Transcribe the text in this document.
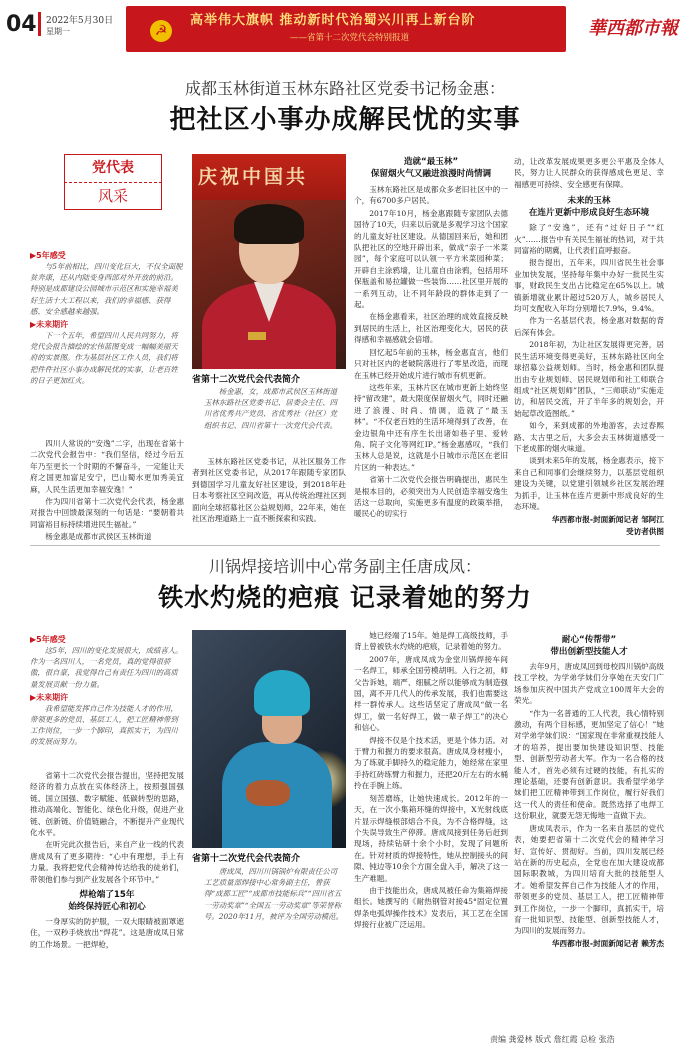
04 2022年5月30日
星期一	☭
高举伟大旗帜 推动新时代治蜀兴川再上新台阶
——省第十二次党代会特别报道	華西都市報
成都玉林街道玉林东路社区党委书记杨金惠：
把社区小事办成解民忧的实事
党代表
风采
▶5年感受
与5年前相比，四川变化巨大，不仅全面脱贫奔康，还从内陆变身西部对外开放的前沿。特别是成都建设公园城市示范区和实施幸福美好生活十大工程以来，我们的幸福感、获得感、安全感越来越强。
▶未来期许
下一个五年，希望四川人民共同努力，将党代会报告描绘的宏伟蓝图变成一幅幅美丽天府的实景图。作为基层社区工作人员，我们将把件件社区小事办成解民忧的实事，让老百姓的日子更加红火。

四川人常说的“安逸”二字，出现在省第十二次党代会报告中：“我们坚信，经过今后五年乃至更长一个时期的不懈奋斗，一定能让天府之国更加富足安宁，巴山蜀水更加秀美宜麻，人民生活更加幸福安逸！”

作为四川省第十二次党代会代表，杨金惠对报告中回馈最深刻的一句话是：“要朝着共同富裕目标持续增进民生福祉。”

杨金惠是成都市武侯区玉林街道

庆祝中国共
省第十二次党代会代表简介
杨金惠，女，成都市武侯区玉林街道玉林东路社区党委书记、居委会主任、四川省优秀共产党员、省优秀社（社区）党组织书记、四川省第十一次党代会代表。

玉林东路社区党委书记，从社区服务工作者到社区党委书记，从2017年跟随专家团队到德国学习儿童友好社区建设，到2018年赴日本考察社区空间改造，再从传统治理社区到面向全球招募社区公益规划师，22年来，她在社区治理道路上一直不断探索和实践。

造就“最玉林”
保留烟火气又融进浪漫时尚情调

玉林东路社区是成都众多老旧社区中的一个，有6700多户居民。

2017年10月，杨金惠跟随专家团队去德国待了10天，归来以后就是多观学习这个国家的儿童友好社区建设。从德国回来后，她和团队把社区的空地开辟出来，做成“亲子一米菜园”，每个家庭可以认领一平方米菜园种菜；开辟自主涂鸦墙，让儿童自由涂鸦，包括用环保瓶盖和易拉罐做一些装饰……社区里开展的一系列互动，让不同年龄段的群体走到了一起。

在杨金惠看来，社区治理的成效直接反映到居民的生活上，社区治理变化大，居民的获得感和幸福感就会倍增。

回忆起5年前的玉林，杨金惠直言，他们只对社区内的老破院落进行了零星改造，而现在玉林已经开始成片进行城市有机更新。

这些年来，玉林片区在城市更新上始终坚持“留改建”，最大限度保留烟火气，同时还融进了浪漫、时尚、情调，造就了“最玉林”。“不仅老百姓的生活环境得到了改善，在金边银角中还有序生长出诸如巷子里、爱转角、院子文化等网红IP。”杨金惠感叹，“我们玉林人总是说，这就是小日城市示范区在老旧片区的一种表达。”

省第十二次党代会报告明确提出，惠民生是根本目的，必须突出为人民创造幸福安逸生活这一总取向，实施更多有温度的政策举措，暖民心的切实行

动，让改革发展成果更多更公平惠及全体人民，努力让人民群众的获得感成色更足、幸福感更可持续、安全感更有保障。
未来的玉林
在连片更新中形成良好生态环境

除了“安逸”，还有“过好日子”“红火”……报告中有关民生福祉的热词，对于共同富裕的期冀，让代表们直呼振奋。

报告提出，五年来，四川省民生社会事业加快发展，坚持每年集中办好一批民生实事，财政民生支出占比稳定在65%以上。城镇新增就业累计超过520万人，城乡居民人均可支配收入年均分别增长7.9%，9.4%。

作为一名基层代表，杨金惠对数据的背后深有体会。

2018年初，为让社区发展得更完善，居民生活环境变得更美好，玉林东路社区向全球招募公益规划师。当时，杨金惠和团队提出由专业规划师、居民规划师和社工师联合组成“社区规划师”团队，“三师联动”实施走访，和居民交流，开了半年多的规划会，开始起草改造图纸。”

如今，来到成都的外地游客，去过春熙路、太古里之后，大多会去玉林街道感受一下老成都的烟火味道。

谈到未来5年的发展，杨金惠表示，接下来自己和同事们会继续努力，以基层党组织建设为关键，以党建引领城乡社区发展治理为抓手，让玉林在连片更新中形成良好的生态环境。

华西都市报-封面新闻记者 邹阿江
受访者供图
川锅焊接培训中心常务副主任唐成凤：
铁水灼烧的疤痕 记录着她的努力
▶5年感受
这5年，四川的变化发展很大，成绩喜人。作为一名四川人，一名党员，真的觉得很骄傲，很自豪，我觉得自己有责任为四川的高质量发展贡献一份力量。
▶未来期许
我希望能发挥自己作为技能人才的作用，带领更多的党员、基层工人，把工匠精神带到工作岗位，一步一个脚印，真抓实干，为四川的发展而努力。

省第十二次党代会报告提出，坚持把发展经济的着力点放在实体经济上，按照强国强链、国立国强、数字赋能、低碳转型的思路，推动高端化、智能化、绿色化升级，促进产业链、创新链、价值链融合，不断提升产业现代化水平。

在听完此次报告后，来自产业一线的代表唐成凤有了更多期待：“心中有理想，手上有力量。我将把党代会精神传达给我的徒弟们，带领他们参与到产业发展各个环节中。”

焊枪端了15年
始终保持匠心和初心

一身厚实的防护服，一双大眼睛被面罩遮住，一双秒手烧放出“焊花”。这是唐成凤日常的工作场景。一把焊枪，

省第十二次党代会代表简介
唐成凤，四川川锅锅炉有限责任公司工艺质量部焊接中心常务副主任，曾获得“成都工匠”“成都市技能标兵”“四川省五一劳动奖章”“全国五一劳动奖章”等荣誉称号。2020年11月，被评为全国劳动模范。

她已经端了15年。她是焊工高级技师，手背上曾被铁水灼烧的疤痕，记录着她的努力。

2007年，唐成凤成为金堂川锅焊接车间一名焊工，师承全国劳模胡明。入行之初，师父告诉她，端严、细腻之所以能够成为制造强国，离不开几代人的传承发展，我们也需要这样一群传承人。这些话坚定了唐成凤“做一名焊工，做一名好焊工，做一辈子焊工”的决心和信心。

焊接不仅是个技术活，更是个体力活。对于臂力和握力的要求很高。唐成凤身材瘦小，为了练就手脚持久的稳定能力，她经常在家里手持红砖练臂力和握力，还把20斤左右的水桶拎在手腕上练。

刻苦磨练，让她快速成长。2012年的一天，在一次小集箱环缝的焊接中，X光射线底片显示焊缝根部熔合不良，为不合格焊缝，这个失误导致生产停滞。唐成凤接到任务后赶到现场，持续钻研十余个小时，发现了问题所在。针对材质的焊接特性，她从控制接头的间隙、钝边等10余个方面全盘入手，解决了这一生产难题。

由于技能出众，唐成凤被任命为集箱焊接组长。她撰写的《耐热钢管对接45°固定位置焊条电弧焊操作技术》发表后，其工艺在全国焊接行业被广泛运用。

耐心“传帮带”
带出创新型技能人才

去年9月，唐成凤回到母校四川锅炉高级技工学校，为学弟学妹们分享她在天安门广场参加庆祝中国共产党成立100周年大会的荣光。

“作为一名普通的工人代表，我心情特别激动，有两个目标感，更加坚定了信心！”她对学弟学妹们说：“国家现在非常重视技能人才的培养，提出要加快建设知识型、技能型、创新型劳动者大军。作为一名合格的技能人才，首先必须有过硬的技能，有扎实的理论基础，还要有创新意识。我希望学弟学妹们把工匠精神带到工作岗位，履行好我们这一代人的责任和使命。既然选择了电焊工这份职业，就要无怨无悔地一直做下去。

唐成凤表示，作为一名来自基层的党代表，她要把省第十二次党代会的精神学习好、宣传好、贯彻好。当前，四川发展已经站在新的历史起点，全党也在加大建设成都国际职教城，为四川培育大批的技能型人才。她希望发挥自己作为技能人才的作用，带领更多的党员、基层工人，把工匠精神带到工作岗位，一步一个脚印，真抓实干，培育一批知识型、技能型、创新型技能人才，为四川的发展而努力。

华西都市报-封面新闻记者 赖芳杰
责编 龚爱林 版式 詹红霞 总检 张浩
